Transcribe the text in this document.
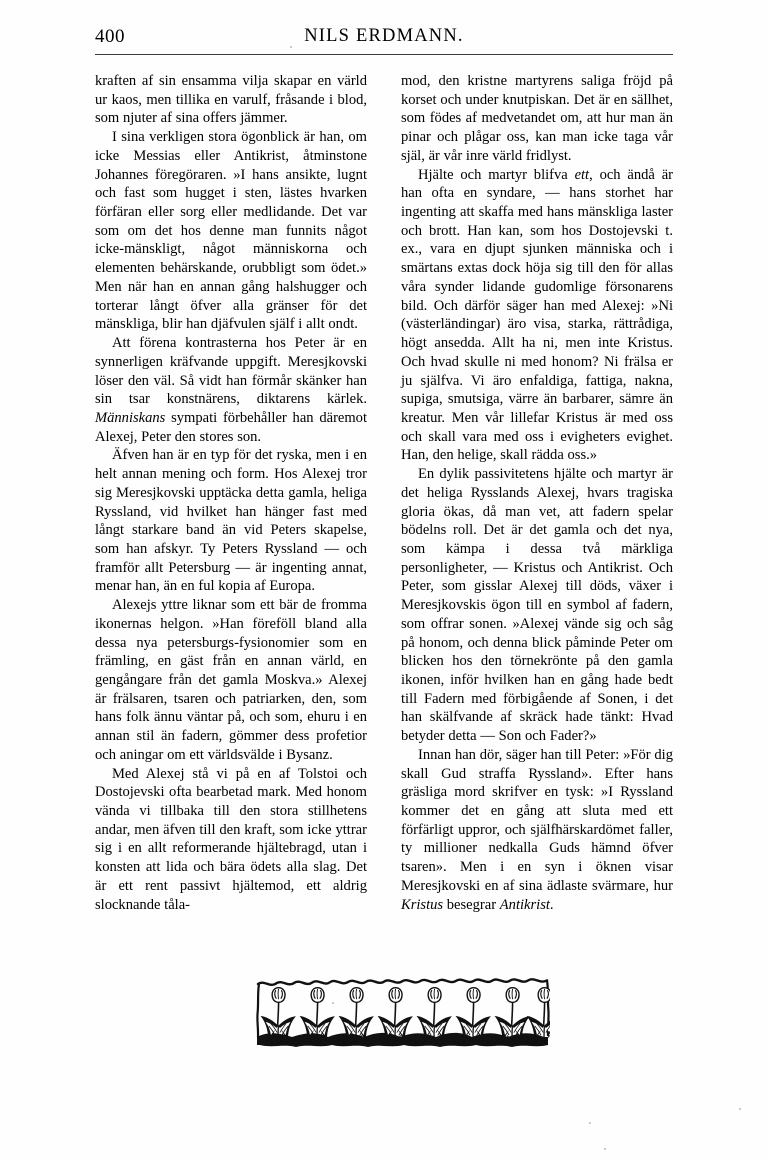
400	NILS ERDMANN.

kraften af sin ensamma vilja skapar en värld ur kaos, men tillika en varulf, fråsande i blod, som njuter af sina offers jämmer.

I sina verkligen stora ögonblick är han, om icke Messias eller Antikrist, åtminstone Johannes föregöraren. »I hans ansikte, lugnt och fast som hugget i sten, lästes hvarken förfäran eller sorg eller medlidande. Det var som om det hos denne man funnits något icke-mänskligt, något människorna och elementen behärskande, orubbligt som ödet.» Men när han en annan gång halshugger och torterar långt öfver alla gränser för det mänskliga, blir han djäfvulen själf i allt ondt.

Att förena kontrasterna hos Peter är en synnerligen kräfvande uppgift. Meresjkovski löser den väl. Så vidt han förmår skänker han sin tsar konstnärens, diktarens kärlek. Människans sympati förbehåller han däremot Alexej, Peter den stores son.

Äfven han är en typ för det ryska, men i en helt annan mening och form. Hos Alexej tror sig Meresjkovski upptäcka detta gamla, heliga Ryssland, vid hvilket han hänger fast med långt starkare band än vid Peters skapelse, som han afskyr. Ty Peters Ryssland — och framför allt Petersburg — är ingenting annat, menar han, än en ful kopia af Europa.

Alexejs yttre liknar som ett bär de fromma ikonernas helgon. »Han föreföll bland alla dessa nya petersburgs-fysionomier som en främling, en gäst från en annan värld, en gengångare från det gamla Moskva.» Alexej är frälsaren, tsaren och patriarken, den, som hans folk ännu väntar på, och som, ehuru i en annan stil än fadern, gömmer dess profetior och aningar om ett världsvälde i Bysanz.

Med Alexej stå vi på en af Tolstoi och Dostojevski ofta bearbetad mark. Med honom vända vi tillbaka till den stora stillhetens andar, men äfven till den kraft, som icke yttrar sig i en allt reformerande hjältebragd, utan i konsten att lida och bära ödets alla slag. Det är ett rent passivt hjältemod, ett aldrig slocknande tåla-

mod, den kristne martyrens saliga fröjd på korset och under knutpiskan. Det är en sällhet, som födes af medvetandet om, att hur man än pinar och plågar oss, kan man icke taga vår själ, är vår inre värld fridlyst.

Hjälte och martyr blifva ett, och ändå är han ofta en syndare, — hans storhet har ingenting att skaffa med hans mänskliga laster och brott. Han kan, som hos Dostojevski t. ex., vara en djupt sjunken människa och i smärtans extas dock höja sig till den för allas våra synder lidande gudomlige försonarens bild. Och därför säger han med Alexej: »Ni (västerländingar) äro visa, starka, rättrådiga, högt ansedda. Allt ha ni, men inte Kristus. Och hvad skulle ni med honom? Ni frälsa er ju själfva. Vi äro enfaldiga, fattiga, nakna, supiga, smutsiga, värre än barbarer, sämre än kreatur. Men vår lillefar Kristus är med oss och skall vara med oss i evigheters evighet. Han, den helige, skall rädda oss.»

En dylik passivitetens hjälte och martyr är det heliga Rysslands Alexej, hvars tragiska gloria ökas, då man vet, att fadern spelar bödelns roll. Det är det gamla och det nya, som kämpa i dessa två märkliga personligheter, — Kristus och Antikrist. Och Peter, som gisslar Alexej till döds, växer i Meresjkovskis ögon till en symbol af fadern, som offrar sonen. »Alexej vände sig och såg på honom, och denna blick påminde Peter om blicken hos den törnekrönte på den gamla ikonen, inför hvilken han en gång hade bedt till Fadern med förbigående af Sonen, i det han skälfvande af skräck hade tänkt: Hvad betyder detta — Son och Fader?»

Innan han dör, säger han till Peter: »För dig skall Gud straffa Ryssland». Efter hans gräsliga mord skrifver en tysk: »I Ryssland kommer det en gång att sluta med ett förfärligt uppror, och själfhärskardömet faller, ty millioner nedkalla Guds hämnd öfver tsaren». Men i en syn i öknen visar Meresjkovski en af sina ädlaste svärmare, hur Kristus besegrar Antikrist.
